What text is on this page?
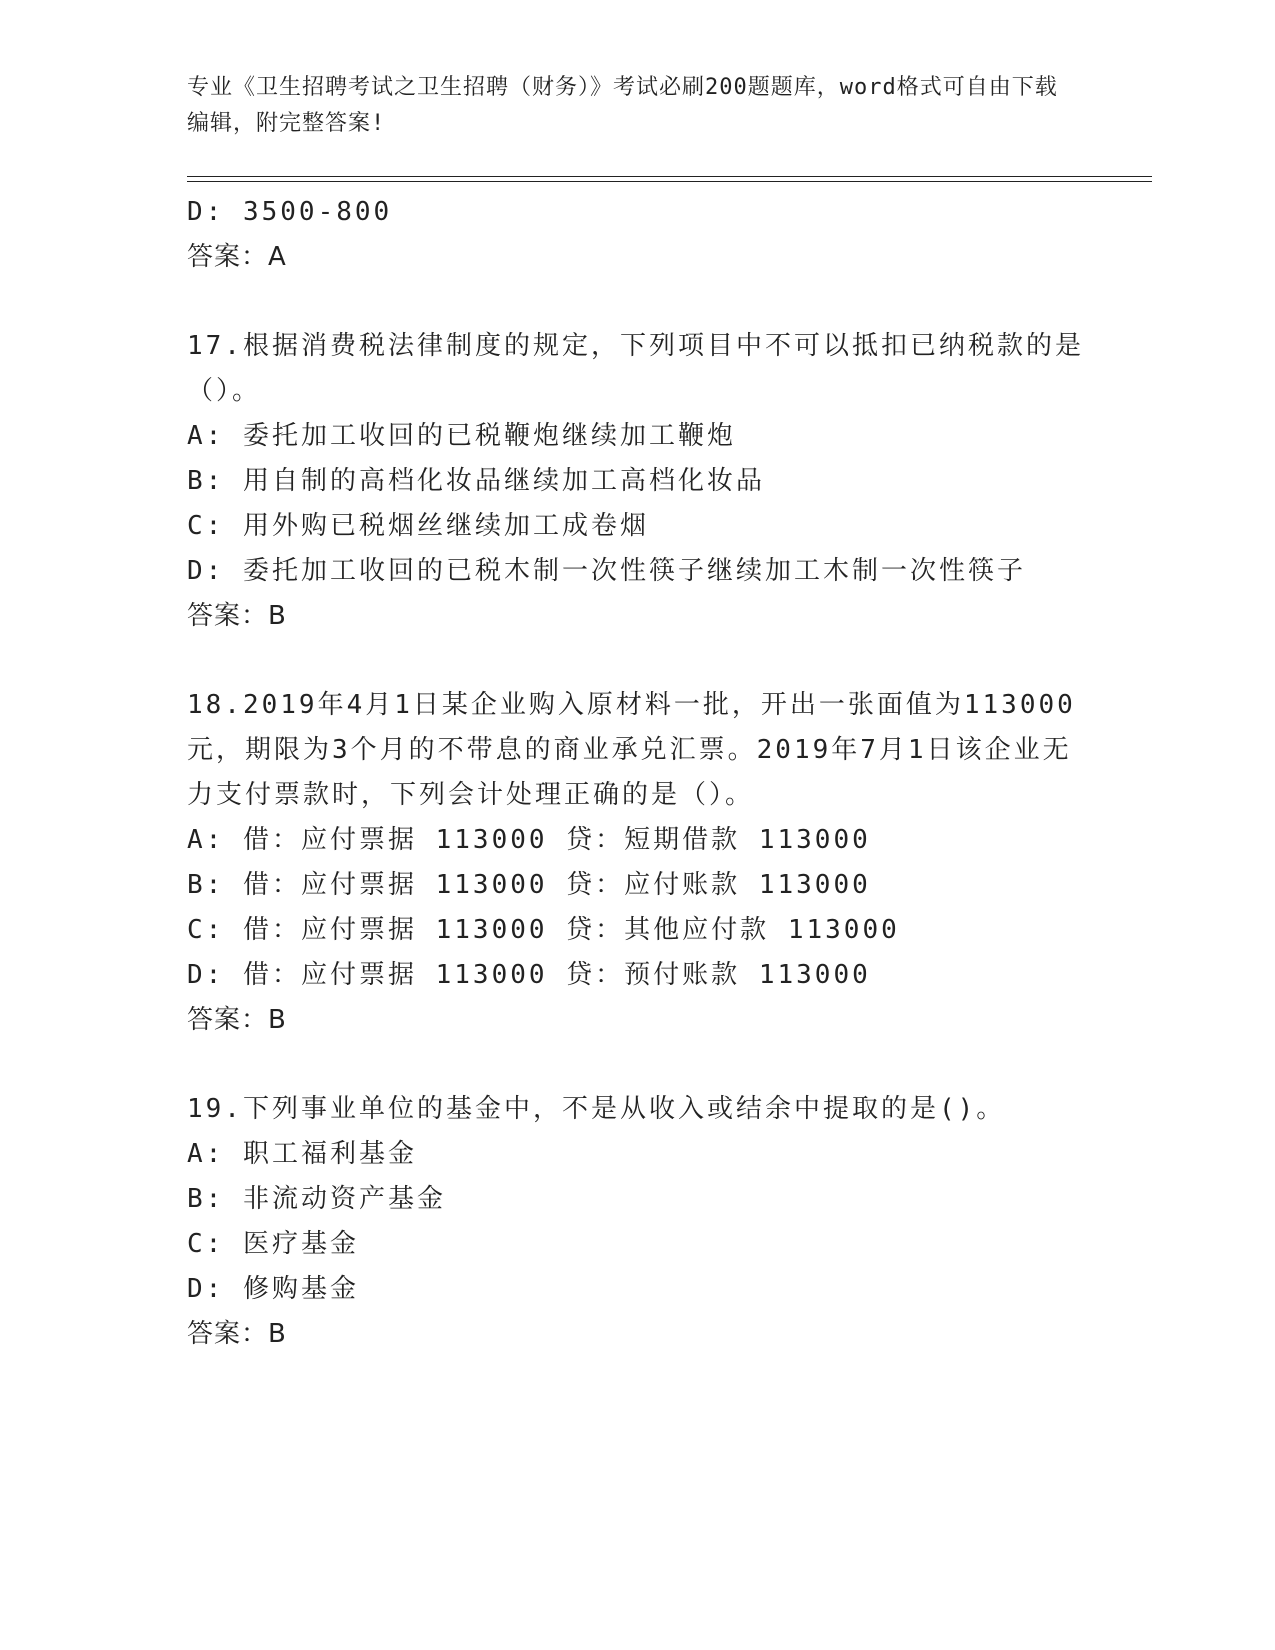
专业《卫生招聘考试之卫生招聘（财务）》考试必刷200题题库，word格式可自由下载编辑，附完整答案!
D: 3500-800
答案：A
17.根据消费税法律制度的规定，下列项目中不可以抵扣已纳税款的是（）。
A: 委托加工收回的已税鞭炮继续加工鞭炮
B: 用自制的高档化妆品继续加工高档化妆品
C: 用外购已税烟丝继续加工成卷烟
D: 委托加工收回的已税木制一次性筷子继续加工木制一次性筷子
答案：B
18.2019年4月1日某企业购入原材料一批，开出一张面值为113000元，期限为3个月的不带息的商业承兑汇票。2019年7月1日该企业无力支付票款时，下列会计处理正确的是（）。
A: 借：应付票据 113000 贷：短期借款 113000
B: 借：应付票据 113000 贷：应付账款 113000
C: 借：应付票据 113000 贷：其他应付款 113000
D: 借：应付票据 113000 贷：预付账款 113000
答案：B
19.下列事业单位的基金中，不是从收入或结余中提取的是()。
A: 职工福利基金
B: 非流动资产基金
C: 医疗基金
D: 修购基金
答案：B
